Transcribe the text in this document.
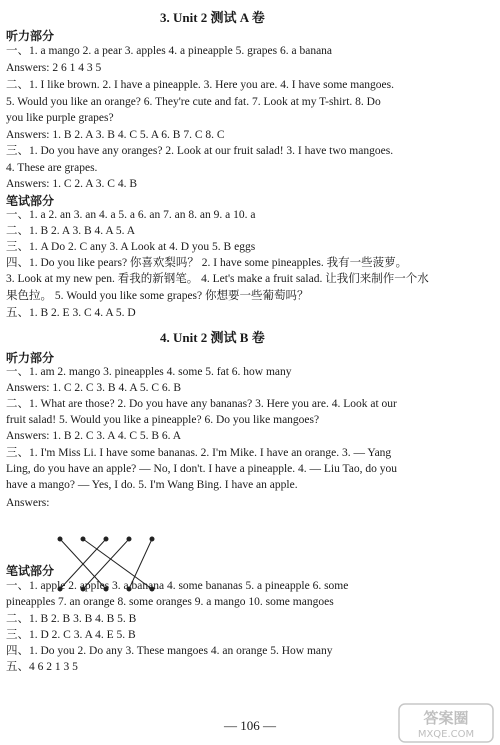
3. Unit 2 测试 A 卷
听力部分
一、1. a mango 2. a pear 3. apples 4. a pineapple 5. grapes 6. a banana
Answers: 2 6 1 4 3 5
二、1. I like brown. 2. I have a pineapple. 3. Here you are. 4. I have some mangoes.
5. Would you like an orange? 6. They're cute and fat. 7. Look at my T-shirt. 8. Do
you like purple grapes?
Answers: 1. B 2. A 3. B 4. C 5. A 6. B 7. C 8. C
三、1. Do you have any oranges? 2. Look at our fruit salad! 3. I have two mangoes.
4. These are grapes.
Answers: 1. C 2. A 3. C 4. B
笔试部分
一、1. a 2. an 3. an 4. a 5. a 6. an 7. an 8. an 9. a 10. a
二、1. B 2. A 3. B 4. A 5. A
三、1. A Do 2. C any 3. A Look at 4. D you 5. B eggs
四、1. Do you like pears? 你喜欢梨吗？ 2. I have some pineapples. 我有一些菠萝。
3. Look at my new pen. 看我的新钢笔。 4. Let's make a fruit salad. 让我们来制作一个水
果色拉。 5. Would you like some grapes? 你想要一些葡萄吗？
五、1. B 2. E 3. C 4. A 5. D
4. Unit 2 测试 B 卷
听力部分
一、1. am 2. mango 3. pineapples 4. some 5. fat 6. how many
Answers: 1. C 2. C 3. B 4. A 5. C 6. B
二、1. What are those? 2. Do you have any bananas? 3. Here you are. 4. Look at our
fruit salad! 5. Would you like a pineapple? 6. Do you like mangoes?
Answers: 1. B 2. C 3. A 4. C 5. B 6. A
三、1. I'm Miss Li. I have some bananas. 2. I'm Mike. I have an orange. 3. — Yang
Ling, do you have an apple? — No, I don't. I have a pineapple. 4. — Liu Tao, do you
have a mango? — Yes, I do. 5. I'm Wang Bing. I have an apple.
Answers:
笔试部分
一、1. apple 2. apples 3. a banana 4. some bananas 5. a pineapple 6. some
pineapples 7. an orange 8. some oranges 9. a mango 10. some mangoes
二、1. B 2. B 3. B 4. B 5. B
三、1. D 2. C 3. A 4. E 5. B
四、1. Do you 2. Do any 3. These mangoes 4. an orange 5. How many
五、4 6 2 1 3 5
— 106 —	答案圈
MXQE.COM
